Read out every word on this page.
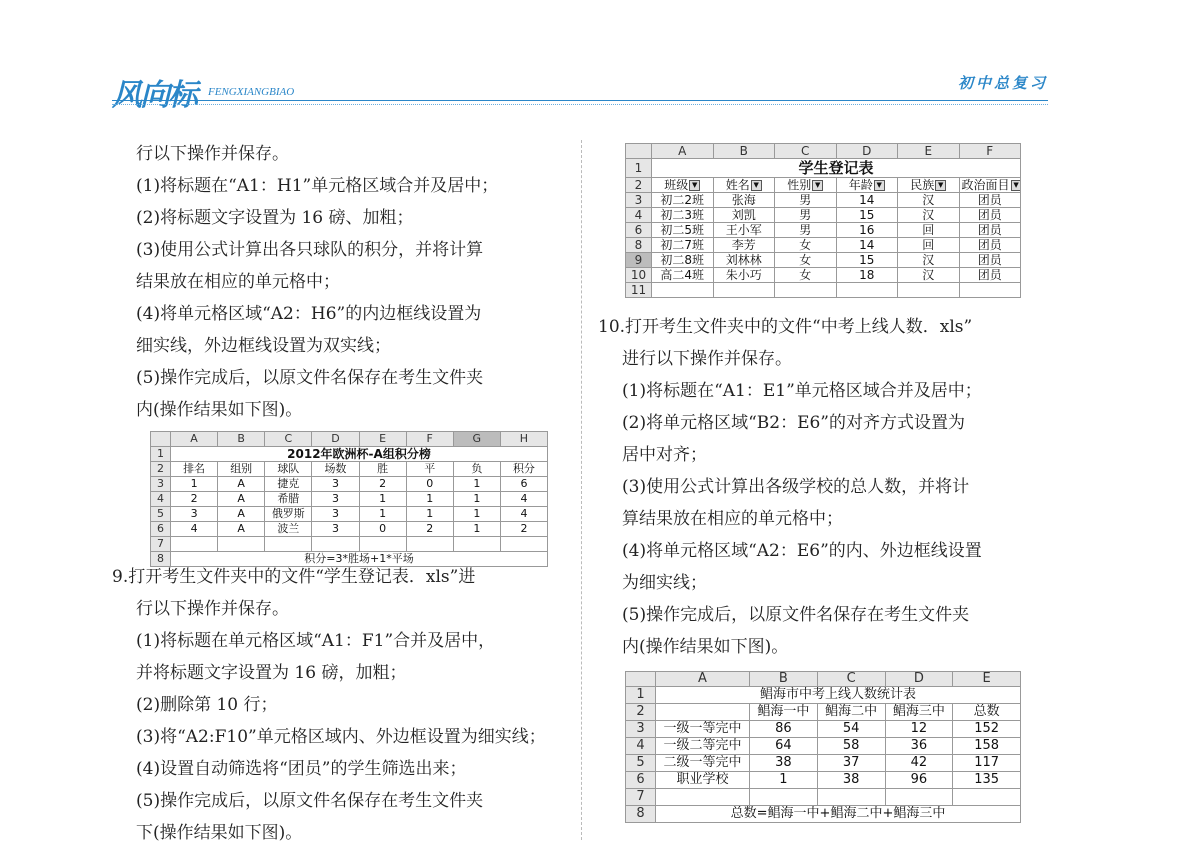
风向标 FENGXIANGBIAO	初中总复习
行以下操作并保存。
(1)将标题在“A1：H1”单元格区域合并及居中；
(2)将标题文字设置为 16 磅、加粗；
(3)使用公式计算出各只球队的积分，并将计算
结果放在相应的单元格中；
(4)将单元格区域“A2：H6”的内边框线设置为
细实线，外边框线设置为双实线；
(5)操作完成后，以原文件名保存在考生文件夹
内(操作结果如下图)。
	A	B	C	D	E	F	G	H
1	2012年欧洲杯-A组积分榜							
2	排名	组别	球队	场数	胜	平	负	积分
3	1	A	捷克	3	2	0	1	6
4	2	A	希腊	3	1	1	1	4
5	3	A	俄罗斯	3	1	1	1	4
6	4	A	波兰	3	0	2	1	2
7								
8	积分=3*胜场+1*平场							
9.打开考生文件夹中的文件“学生登记表．xls”进
行以下操作并保存。
(1)将标题在单元格区域“A1：F1”合并及居中，
并将标题文字设置为 16 磅，加粗；
(2)删除第 10 行；
(3)将“A2:F10”单元格区域内、外边框设置为细实线；
(4)设置自动筛选将“团员”的学生筛选出来；
(5)操作完成后，以原文件名保存在考生文件夹
下(操作结果如下图)。
	A	B	C	D	E	F
1	学生登记表					
2	班级 ▼	姓名 ▼	性别 ▼	年龄 ▼	民族 ▼	政治面目 ▼
3	初二2班	张海	男	14	汉	团员
4	初二3班	刘凯	男	15	汉	团员
6	初二5班	王小军	男	16	回	团员
8	初二7班	李芳	女	14	回	团员
9	初二8班	刘林林	女	15	汉	团员
10	高二4班	朱小巧	女	18	汉	团员
11						
10.打开考生文件夹中的文件“中考上线人数．xls”
进行以下操作并保存。
(1)将标题在“A1：E1”单元格区域合并及居中；
(2)将单元格区域“B2：E6”的对齐方式设置为
居中对齐；
(3)使用公式计算出各级学校的总人数，并将计
算结果放在相应的单元格中；
(4)将单元格区域“A2：E6”的内、外边框线设置
为细实线；
(5)操作完成后，以原文件名保存在考生文件夹
内(操作结果如下图)。
	A	B	C	D	E
1	鲳海市中考上线人数统计表				
2		鲳海一中	鲳海二中	鲳海三中	总数
3	一级一等完中	86	54	12	152
4	一级二等完中	64	58	36	158
5	二级一等完中	38	37	42	117
6	职业学校	1	38	96	135
7					
8	总数=鲳海一中+鲳海二中+鲳海三中				
